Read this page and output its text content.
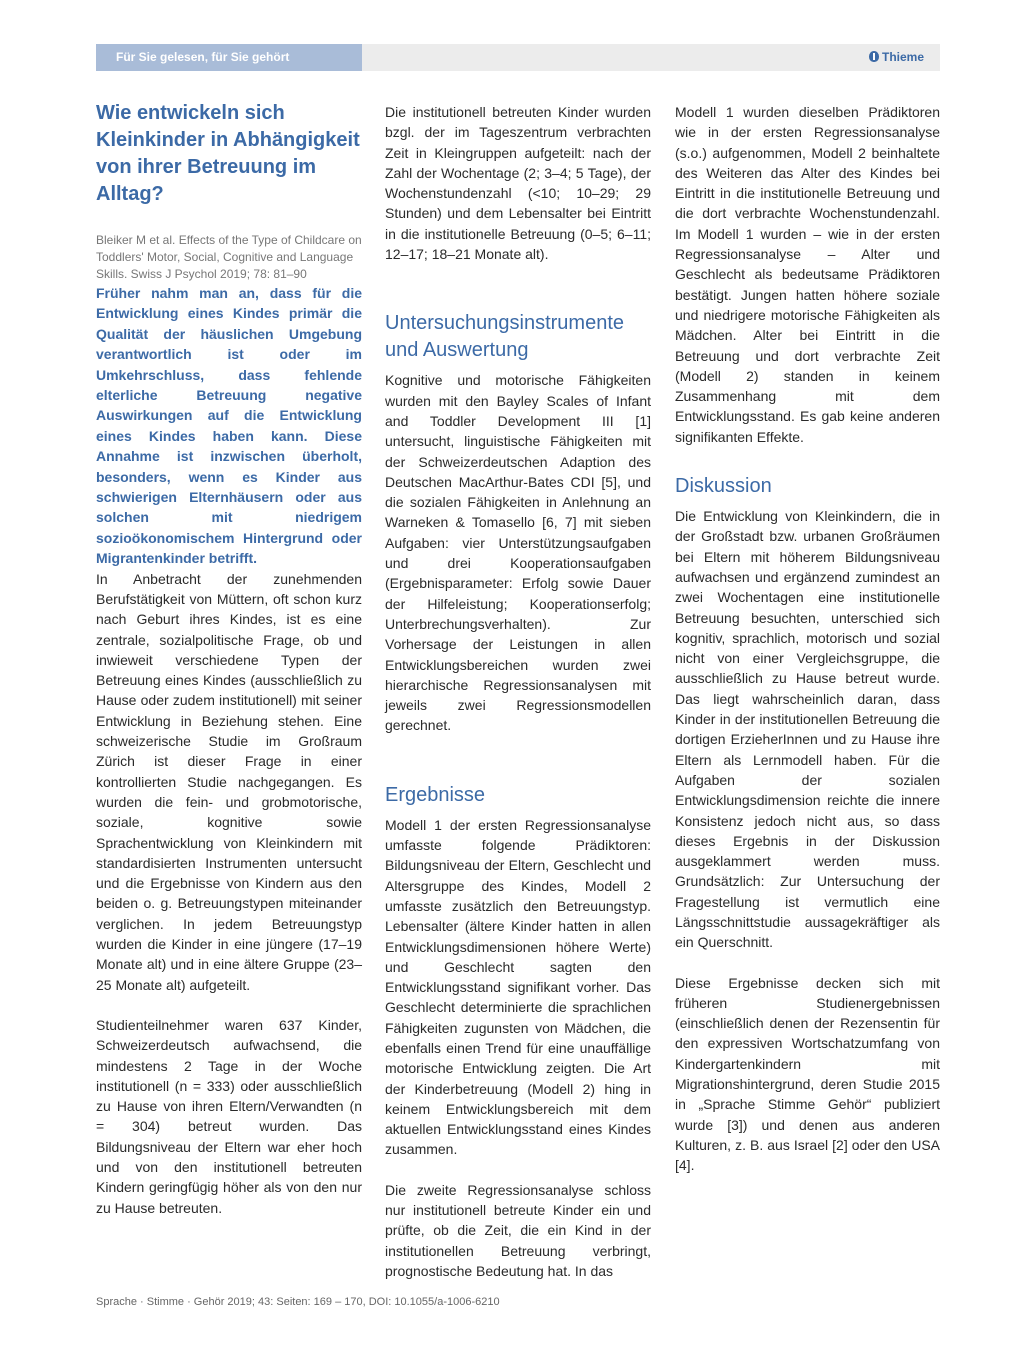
Für Sie gelesen, für Sie gehört	Thieme
Wie entwickeln sich Kleinkinder in Abhängigkeit von ihrer Betreuung im Alltag?

Bleiker M et al. Effects of the Type of Childcare on Toddlers' Motor, Social, Cognitive and Language Skills. Swiss J Psychol 2019; 78: 81–90

Früher nahm man an, dass für die Entwicklung eines Kindes primär die Qualität der häuslichen Umgebung verantwortlich ist oder im Umkehrschluss, dass fehlende elterliche Betreuung negative Auswirkungen auf die Entwicklung eines Kindes haben kann. Diese Annahme ist inzwischen überholt, besonders, wenn es Kinder aus schwierigen Elternhäusern oder aus solchen mit niedrigem sozioökonomischem Hintergrund oder Migrantenkinder betrifft.

In Anbetracht der zunehmenden Berufstätigkeit von Müttern, oft schon kurz nach Geburt ihres Kindes, ist es eine zentrale, sozialpolitische Frage, ob und inwieweit verschiedene Typen der Betreuung eines Kindes (ausschließlich zu Hause oder zudem institutionell) mit seiner Entwicklung in Beziehung stehen. Eine schweizerische Studie im Großraum Zürich ist dieser Frage in einer kontrollierten Studie nachgegangen. Es wurden die fein- und grobmotorische, soziale, kognitive sowie Sprachentwicklung von Kleinkindern mit standardisierten Instrumenten untersucht und die Ergebnisse von Kindern aus den beiden o. g. Betreuungstypen miteinander verglichen. In jedem Betreuungstyp wurden die Kinder in eine jüngere (17–19 Monate alt) und in eine ältere Gruppe (23–25 Monate alt) aufgeteilt.

Studienteilnehmer waren 637 Kinder, Schweizerdeutsch aufwachsend, die mindestens 2 Tage in der Woche institutionell (n = 333) oder ausschließlich zu Hause von ihren Eltern/Verwandten (n = 304) betreut wurden. Das Bildungsniveau der Eltern war eher hoch und von den institutionell betreuten Kindern geringfügig höher als von den nur zu Hause betreuten.

Die institutionell betreuten Kinder wurden bzgl. der im Tageszentrum verbrachten Zeit in Kleingruppen aufgeteilt: nach der Zahl der Wochentage (2; 3–4; 5 Tage), der Wochenstundenzahl (<10; 10–29; 29 Stunden) und dem Lebensalter bei Eintritt in die institutionelle Betreuung (0–5; 6–11; 12–17; 18–21 Monate alt).

Untersuchungsinstrumente und Auswertung

Kognitive und motorische Fähigkeiten wurden mit den Bayley Scales of Infant and Toddler Development III [1] untersucht, linguistische Fähigkeiten mit der Schweizerdeutschen Adaption des Deutschen MacArthur-Bates CDI [5], und die sozialen Fähigkeiten in Anlehnung an Warneken & Tomasello [6, 7] mit sieben Aufgaben: vier Unterstützungsaufgaben und drei Kooperationsaufgaben (Ergebnisparameter: Erfolg sowie Dauer der Hilfeleistung; Kooperationserfolg; Unterbrechungsverhalten). Zur Vorhersage der Leistungen in allen Entwicklungsbereichen wurden zwei hierarchische Regressionsanalysen mit jeweils zwei Regressionsmodellen gerechnet.

Ergebnisse

Modell 1 der ersten Regressionsanalyse umfasste folgende Prädiktoren: Bildungsniveau der Eltern, Geschlecht und Altersgruppe des Kindes, Modell 2 umfasste zusätzlich den Betreuungstyp. Lebensalter (ältere Kinder hatten in allen Entwicklungsdimensionen höhere Werte) und Geschlecht sagten den Entwicklungsstand signifikant vorher. Das Geschlecht determinierte die sprachlichen Fähigkeiten zugunsten von Mädchen, die ebenfalls einen Trend für eine unauffällige motorische Entwicklung zeigten. Die Art der Kinderbetreuung (Modell 2) hing in keinem Entwicklungsbereich mit dem aktuellen Entwicklungsstand eines Kindes zusammen.

Die zweite Regressionsanalyse schloss nur institutionell betreute Kinder ein und prüfte, ob die Zeit, die ein Kind in der institutionellen Betreuung verbringt, prognostische Bedeutung hat. In das

Modell 1 wurden dieselben Prädiktoren wie in der ersten Regressionsanalyse (s.o.) aufgenommen, Modell 2 beinhaltete des Weiteren das Alter des Kindes bei Eintritt in die institutionelle Betreuung und die dort verbrachte Wochenstundenzahl. Im Modell 1 wurden – wie in der ersten Regressionsanalyse – Alter und Geschlecht als bedeutsame Prädiktoren bestätigt. Jungen hatten höhere soziale und niedrigere motorische Fähigkeiten als Mädchen. Alter bei Eintritt in die Betreuung und dort verbrachte Zeit (Modell 2) standen in keinem Zusammenhang mit dem Entwicklungsstand. Es gab keine anderen signifikanten Effekte.

Diskussion

Die Entwicklung von Kleinkindern, die in der Großstadt bzw. urbanen Großräumen bei Eltern mit höherem Bildungsniveau aufwachsen und ergänzend zumindest an zwei Wochentagen eine institutionelle Betreuung besuchten, unterschied sich kognitiv, sprachlich, motorisch und sozial nicht von einer Vergleichsgruppe, die ausschließlich zu Hause betreut wurde. Das liegt wahrscheinlich daran, dass Kinder in der institutionellen Betreuung die dortigen ErzieherInnen und zu Hause ihre Eltern als Lernmodell haben. Für die Aufgaben der sozialen Entwicklungsdimension reichte die innere Konsistenz jedoch nicht aus, so dass dieses Ergebnis in der Diskussion ausgeklammert werden muss. Grundsätzlich: Zur Untersuchung der Fragestellung ist vermutlich eine Längsschnittstudie aussagekräftiger als ein Querschnitt.

Diese Ergebnisse decken sich mit früheren Studienergebnissen (einschließlich denen der Rezensentin für den expressiven Wortschatzumfang von Kindergartenkindern mit Migrationshintergrund, deren Studie 2015 in „Sprache Stimme Gehör“ publiziert wurde [3]) und denen aus anderen Kulturen, z. B. aus Israel [2] oder den USA [4].

Sprache · Stimme · Gehör 2019; 43: Seiten: 169 – 170, DOI: 10.1055/a-1006-6210
